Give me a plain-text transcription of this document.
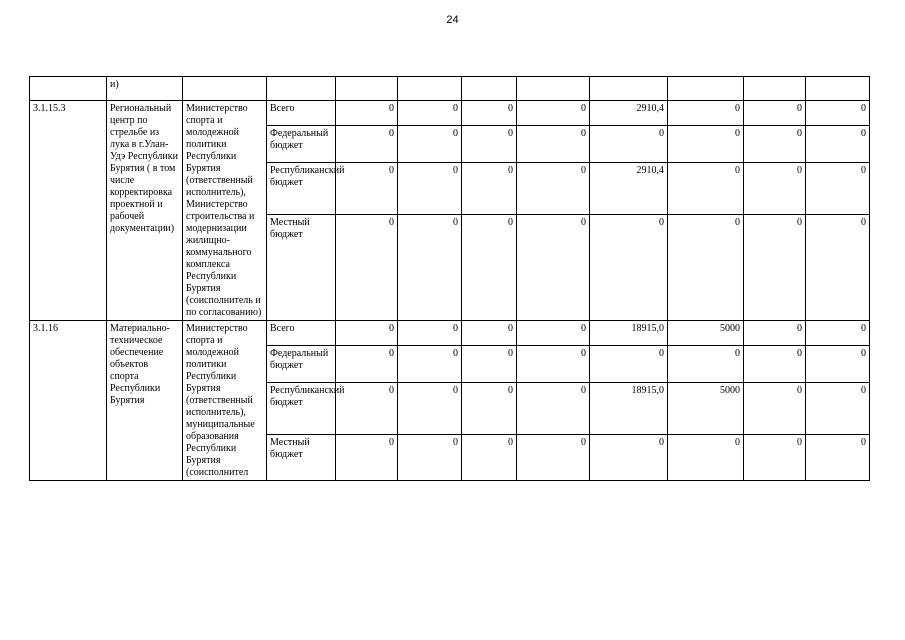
24
	и)										
3.1.15.3	Региональный центр по стрельбе из лука в г.Улан-Удэ Республики Бурятия ( в том числе корректировка проектной и рабочей документации)	Министерство спорта и молодежной политики Республики Бурятия (ответственный исполнитель), Министерство строительства и модернизации жилищно-коммунального комплекса Республики Бурятия (соисполнитель и по согласованию)	Всего	0	0	0	0	2910,4	0	0	0
			Федеральный бюджет	0	0	0	0	0	0	0	0
			Республиканский бюджет	0	0	0	0	2910,4	0	0	0
			Местный бюджет	0	0	0	0	0	0	0	0
3.1.16	Материально-техническое обеспечение объектов спорта Республики Бурятия	Министерство спорта и молодежной политики Республики Бурятия (ответственный исполнитель), муниципальные образования Республики Бурятия (соисполнител	Всего	0	0	0	0	18915,0	5000	0	0
			Федеральный бюджет	0	0	0	0	0	0	0	0
			Республиканский бюджет	0	0	0	0	18915,0	5000	0	0
			Местный бюджет	0	0	0	0	0	0	0	0
